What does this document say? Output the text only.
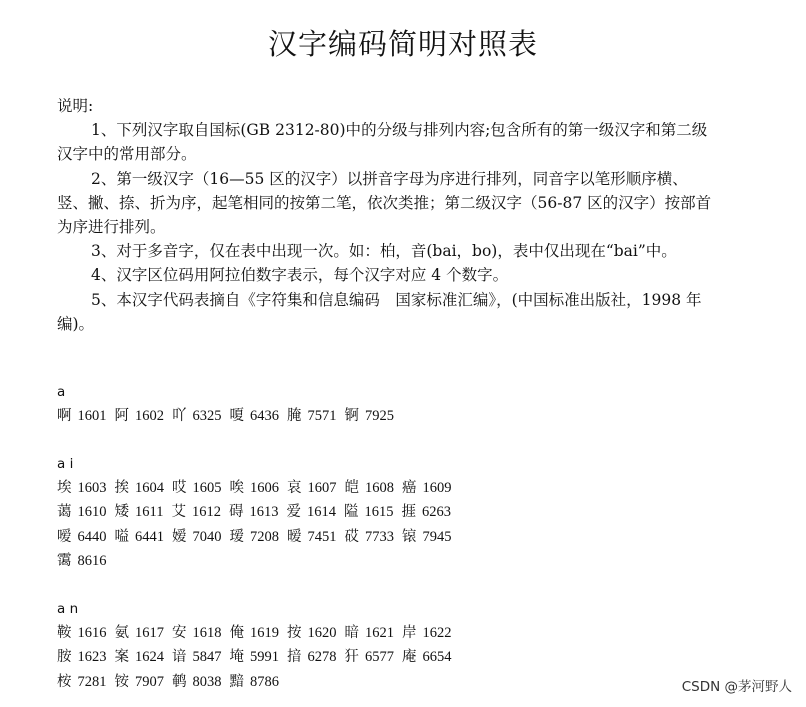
汉字编码简明对照表

说明:

1、下列汉字取自国标(GB 2312-80)中的分级与排列内容;包含所有的第一级汉字和第二级汉字中的常用部分。

2、第一级汉字（16—55 区的汉字）以拼音字母为序进行排列，同音字以笔形顺序横、竖、撇、捺、折为序，起笔相同的按第二笔，依次类推；第二级汉字（56-87 区的汉字）按部首为序进行排列。

3、对于多音字，仅在表中出现一次。如：柏，音(bai，bo)，表中仅出现在“bai”中。

4、汉字区位码用阿拉伯数字表示，每个汉字对应 4 个数字。

5、本汉字代码表摘自《字符集和信息编码　国家标准汇编》，(中国标准出版社，1998 年编)。

a
啊 1601 阿 1602 吖 6325 嗄 6436 腌 7571 锕 7925
a i
埃 1603 挨 1604 哎 1605 唉 1606 哀 1607 皑 1608 癌 1609
蔼 1610 矮 1611 艾 1612 碍 1613 爱 1614 隘 1615 捱 6263
嗳 6440 嗌 6441 嫒 7040 瑷 7208 暧 7451 砹 7733 锿 7945
霭 8616
a n
鞍 1616 氨 1617 安 1618 俺 1619 按 1620 暗 1621 岸 1622
胺 1623 案 1624 谙 5847 埯 5991 揞 6278 犴 6577 庵 6654
桉 7281 铵 7907 鹌 8038 黯 8786	CSDN @茅河野人
